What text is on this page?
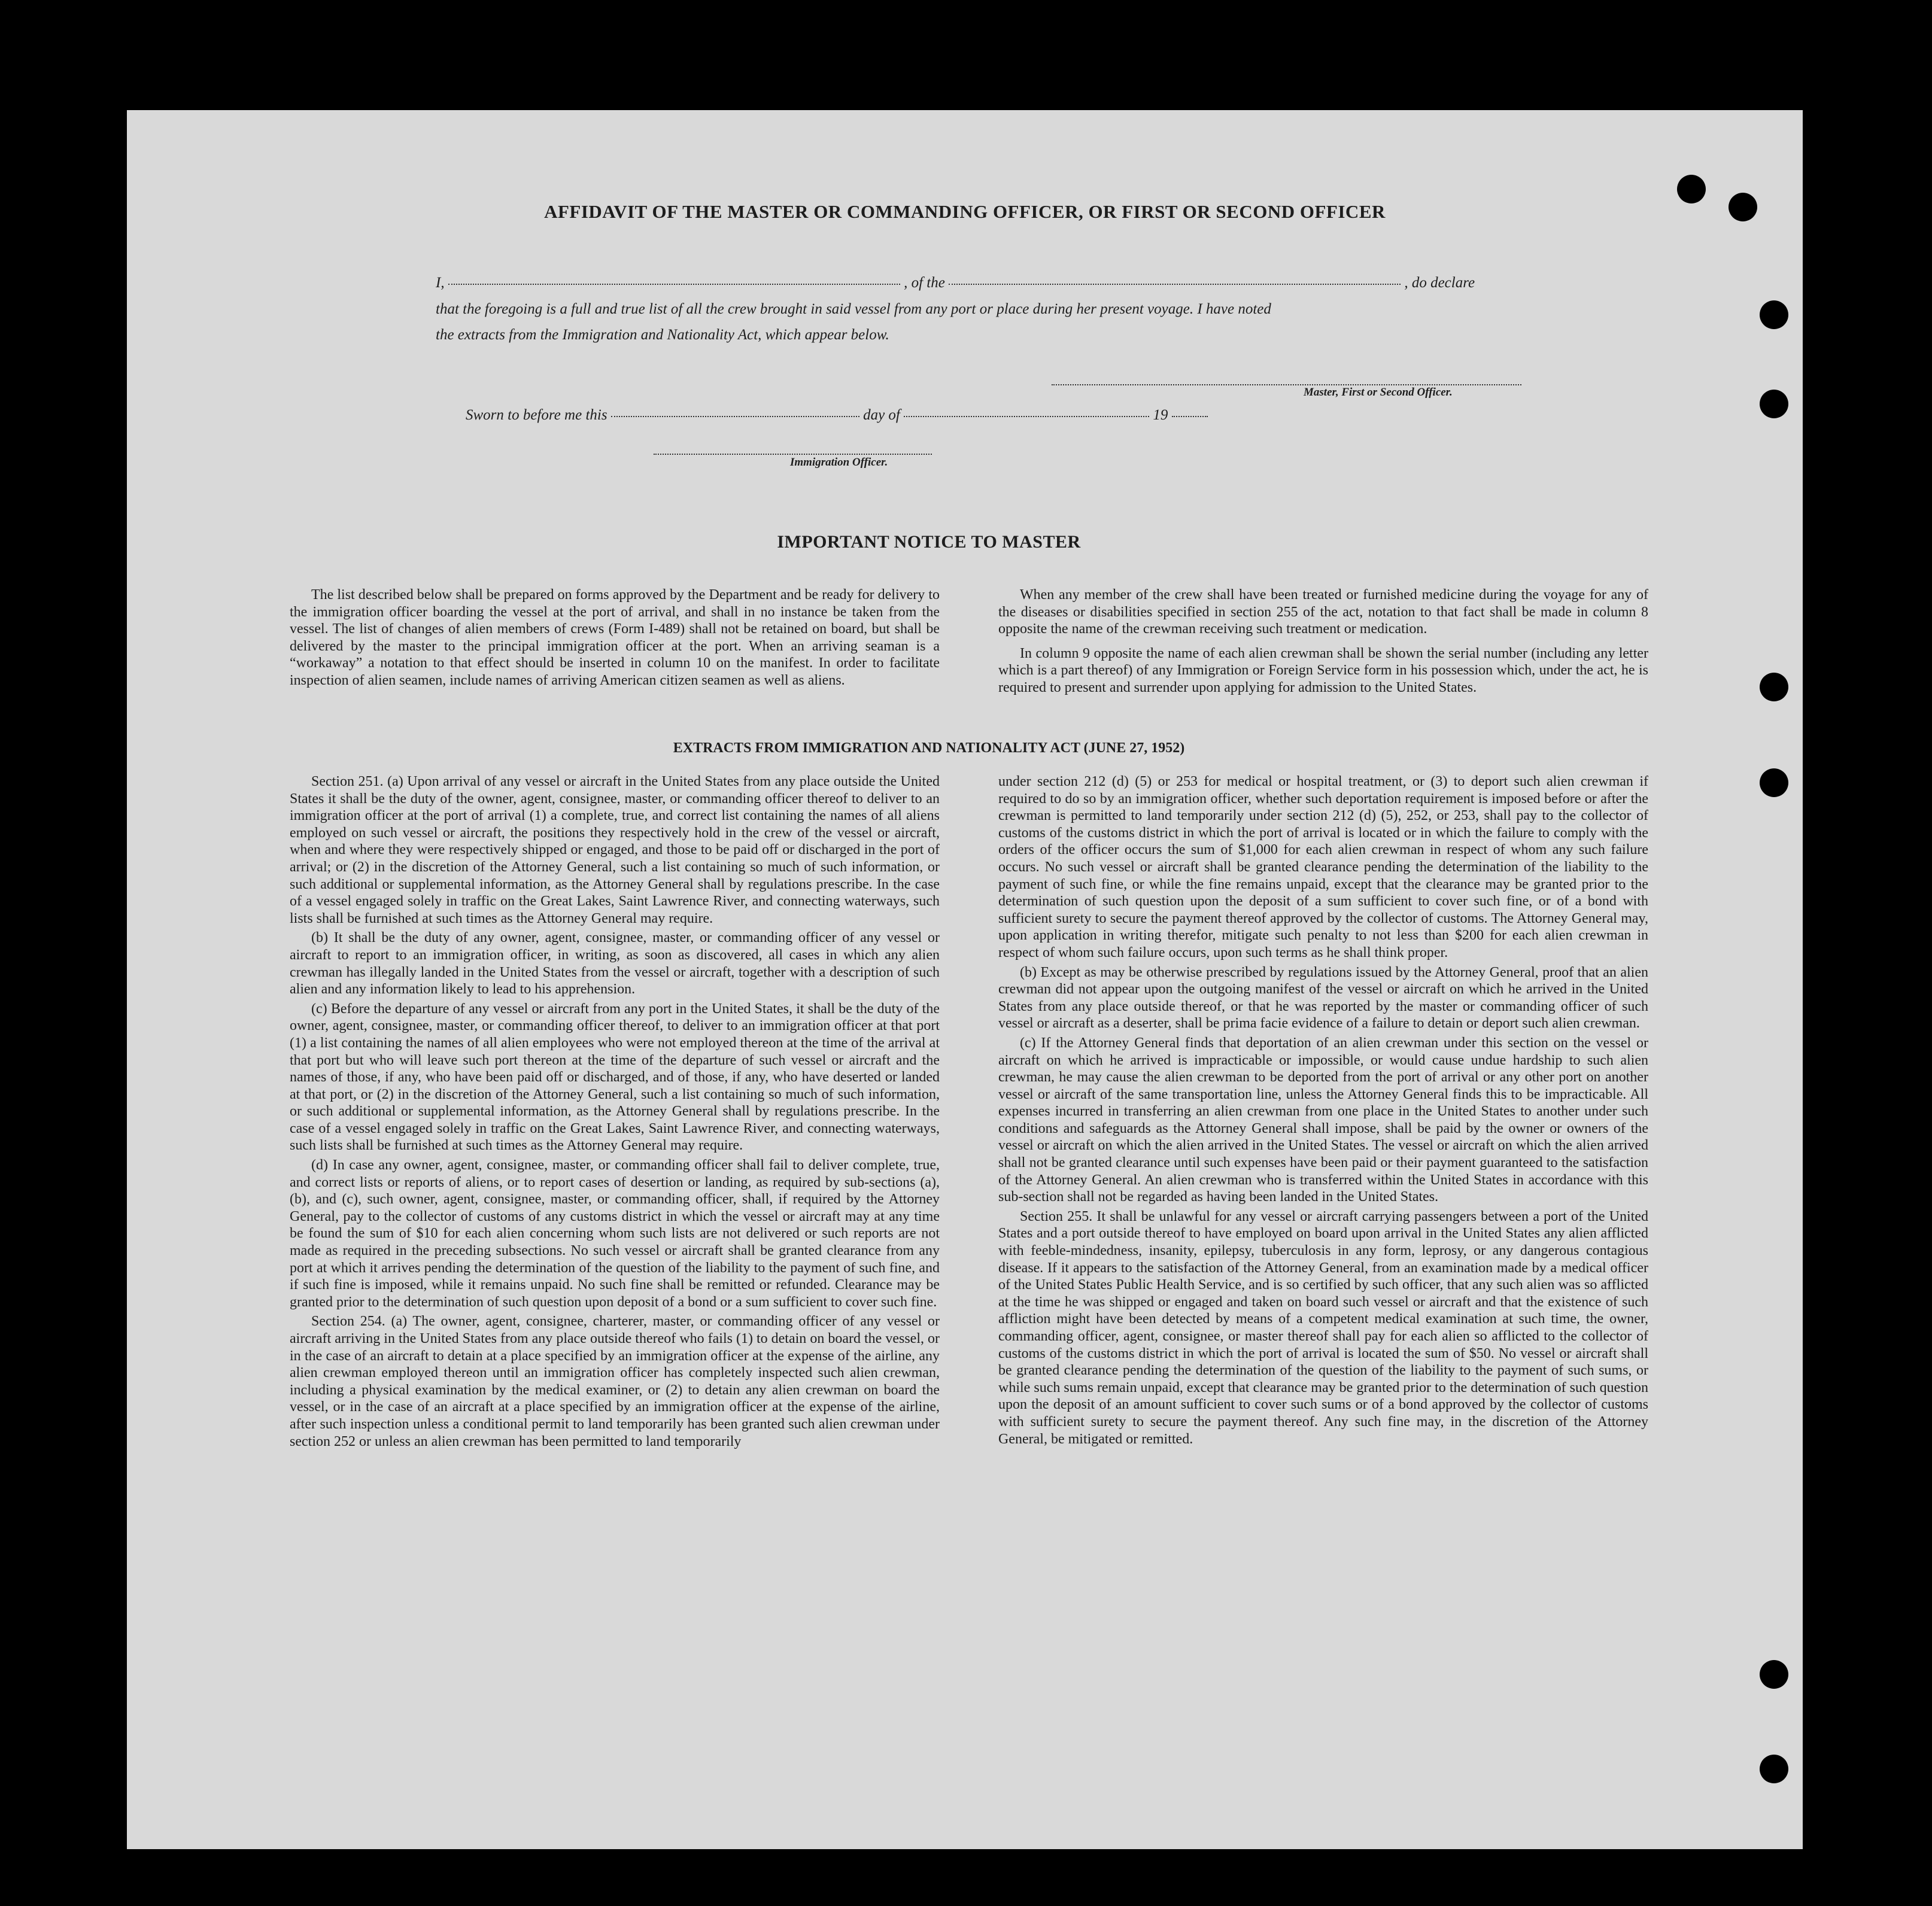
AFFIDAVIT OF THE MASTER OR COMMANDING OFFICER, OR FIRST OR SECOND OFFICER
I,	, of the	, do declare
that the foregoing is a full and true list of all the crew brought in said vessel from any port or place during her present voyage. I have noted
the extracts from the Immigration and Nationality Act, which appear below.
Master, First or Second Officer.
Sworn to before me this	day of	19
Immigration Officer.
IMPORTANT NOTICE TO MASTER

The list described below shall be prepared on forms approved by the Department and be ready for delivery to the immigration officer boarding the vessel at the port of arrival, and shall in no instance be taken from the vessel. The list of changes of alien members of crews (Form I-489) shall not be retained on board, but shall be delivered by the master to the principal immigration officer at the port. When an arriving seaman is a “workaway” a notation to that effect should be inserted in column 10 on the manifest. In order to facilitate inspection of alien seamen, include names of arriving American citizen seamen as well as aliens.

When any member of the crew shall have been treated or furnished medicine during the voyage for any of the diseases or disabilities specified in section 255 of the act, notation to that fact shall be made in column 8 opposite the name of the crewman receiving such treatment or medication.

In column 9 opposite the name of each alien crewman shall be shown the serial number (including any letter which is a part thereof) of any Immigration or Foreign Service form in his possession which, under the act, he is required to present and surrender upon applying for admission to the United States.

EXTRACTS FROM IMMIGRATION AND NATIONALITY ACT (JUNE 27, 1952)

Section 251. (a) Upon arrival of any vessel or aircraft in the United States from any place outside the United States it shall be the duty of the owner, agent, consignee, master, or commanding officer thereof to deliver to an immigration officer at the port of arrival (1) a complete, true, and correct list containing the names of all aliens employed on such vessel or aircraft, the positions they respectively hold in the crew of the vessel or aircraft, when and where they were respectively shipped or engaged, and those to be paid off or discharged in the port of arrival; or (2) in the discretion of the Attorney General, such a list containing so much of such information, or such additional or supplemental information, as the Attorney General shall by regulations prescribe. In the case of a vessel engaged solely in traffic on the Great Lakes, Saint Lawrence River, and connecting waterways, such lists shall be furnished at such times as the Attorney General may require.

(b) It shall be the duty of any owner, agent, consignee, master, or commanding officer of any vessel or aircraft to report to an immigration officer, in writing, as soon as discovered, all cases in which any alien crewman has illegally landed in the United States from the vessel or aircraft, together with a description of such alien and any information likely to lead to his apprehension.

(c) Before the departure of any vessel or aircraft from any port in the United States, it shall be the duty of the owner, agent, consignee, master, or commanding officer thereof, to deliver to an immigration officer at that port (1) a list containing the names of all alien employees who were not employed thereon at the time of the arrival at that port but who will leave such port thereon at the time of the departure of such vessel or aircraft and the names of those, if any, who have been paid off or discharged, and of those, if any, who have deserted or landed at that port, or (2) in the discretion of the Attorney General, such a list containing so much of such information, or such additional or supplemental information, as the Attorney General shall by regulations prescribe. In the case of a vessel engaged solely in traffic on the Great Lakes, Saint Lawrence River, and connecting waterways, such lists shall be furnished at such times as the Attorney General may require.

(d) In case any owner, agent, consignee, master, or commanding officer shall fail to deliver complete, true, and correct lists or reports of aliens, or to report cases of desertion or landing, as required by sub-sections (a), (b), and (c), such owner, agent, consignee, master, or commanding officer, shall, if required by the Attorney General, pay to the collector of customs of any customs district in which the vessel or aircraft may at any time be found the sum of $10 for each alien concerning whom such lists are not delivered or such reports are not made as required in the preceding subsections. No such vessel or aircraft shall be granted clearance from any port at which it arrives pending the determination of the question of the liability to the payment of such fine, and if such fine is imposed, while it remains unpaid. No such fine shall be remitted or refunded. Clearance may be granted prior to the determination of such question upon deposit of a bond or a sum sufficient to cover such fine.

Section 254. (a) The owner, agent, consignee, charterer, master, or commanding officer of any vessel or aircraft arriving in the United States from any place outside thereof who fails (1) to detain on board the vessel, or in the case of an aircraft to detain at a place specified by an immigration officer at the expense of the airline, any alien crewman employed thereon until an immigration officer has completely inspected such alien crewman, including a physical examination by the medical examiner, or (2) to detain any alien crewman on board the vessel, or in the case of an aircraft at a place specified by an immigration officer at the expense of the airline, after such inspection unless a conditional permit to land temporarily has been granted such alien crewman under section 252 or unless an alien crewman has been permitted to land temporarily

under section 212 (d) (5) or 253 for medical or hospital treatment, or (3) to deport such alien crewman if required to do so by an immigration officer, whether such deportation requirement is imposed before or after the crewman is permitted to land temporarily under section 212 (d) (5), 252, or 253, shall pay to the collector of customs of the customs district in which the port of arrival is located or in which the failure to comply with the orders of the officer occurs the sum of $1,000 for each alien crewman in respect of whom any such failure occurs. No such vessel or aircraft shall be granted clearance pending the determination of the liability to the payment of such fine, or while the fine remains unpaid, except that the clearance may be granted prior to the determination of such question upon the deposit of a sum sufficient to cover such fine, or of a bond with sufficient surety to secure the payment thereof approved by the collector of customs. The Attorney General may, upon application in writing therefor, mitigate such penalty to not less than $200 for each alien crewman in respect of whom such failure occurs, upon such terms as he shall think proper.

(b) Except as may be otherwise prescribed by regulations issued by the Attorney General, proof that an alien crewman did not appear upon the outgoing manifest of the vessel or aircraft on which he arrived in the United States from any place outside thereof, or that he was reported by the master or commanding officer of such vessel or aircraft as a deserter, shall be prima facie evidence of a failure to detain or deport such alien crewman.

(c) If the Attorney General finds that deportation of an alien crewman under this section on the vessel or aircraft on which he arrived is impracticable or impossible, or would cause undue hardship to such alien crewman, he may cause the alien crewman to be deported from the port of arrival or any other port on another vessel or aircraft of the same transportation line, unless the Attorney General finds this to be impracticable. All expenses incurred in transferring an alien crewman from one place in the United States to another under such conditions and safeguards as the Attorney General shall impose, shall be paid by the owner or owners of the vessel or aircraft on which the alien arrived in the United States. The vessel or aircraft on which the alien arrived shall not be granted clearance until such expenses have been paid or their payment guaranteed to the satisfaction of the Attorney General. An alien crewman who is transferred within the United States in accordance with this sub-section shall not be regarded as having been landed in the United States.

Section 255. It shall be unlawful for any vessel or aircraft carrying passengers between a port of the United States and a port outside thereof to have employed on board upon arrival in the United States any alien afflicted with feeble-mindedness, insanity, epilepsy, tuberculosis in any form, leprosy, or any dangerous contagious disease. If it appears to the satisfaction of the Attorney General, from an examination made by a medical officer of the United States Public Health Service, and is so certified by such officer, that any such alien was so afflicted at the time he was shipped or engaged and taken on board such vessel or aircraft and that the existence of such affliction might have been detected by means of a competent medical examination at such time, the owner, commanding officer, agent, consignee, or master thereof shall pay for each alien so afflicted to the collector of customs of the customs district in which the port of arrival is located the sum of $50. No vessel or aircraft shall be granted clearance pending the determination of the question of the liability to the payment of such sums, or while such sums remain unpaid, except that clearance may be granted prior to the determination of such question upon the deposit of an amount sufficient to cover such sums or of a bond approved by the collector of customs with sufficient surety to secure the payment thereof. Any such fine may, in the discretion of the Attorney General, be mitigated or remitted.
